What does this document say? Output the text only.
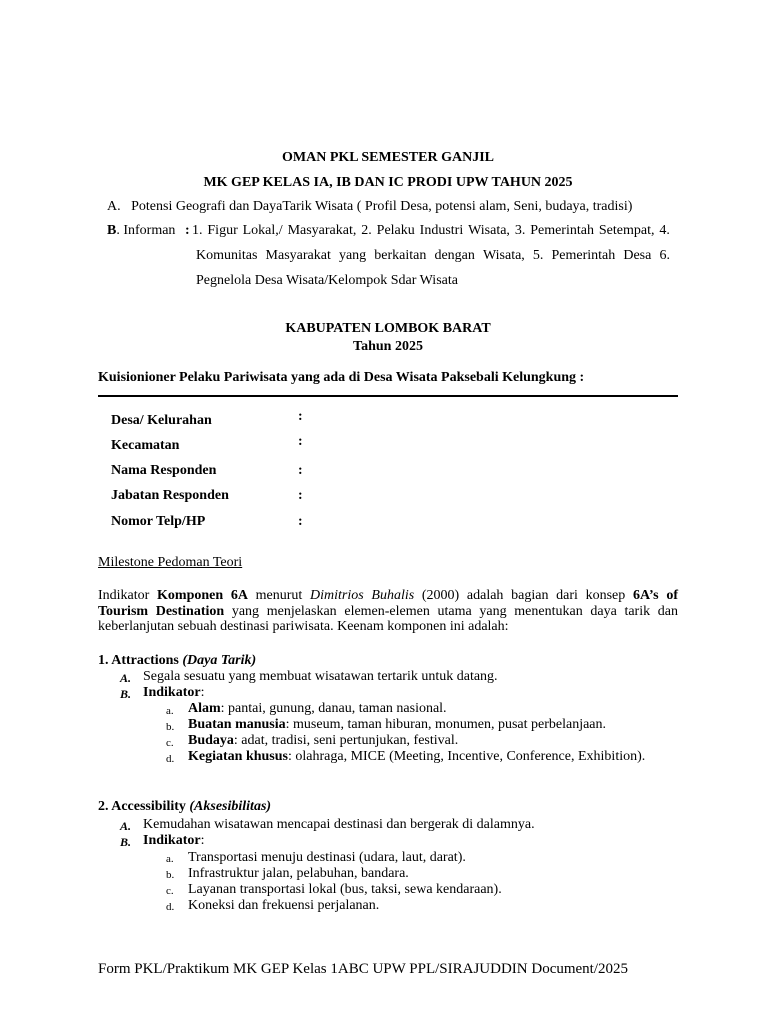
OMAN PKL SEMESTER GANJIL
MK GEP KELAS IA, IB DAN IC PRODI UPW TAHUN 2025
A. Potensi Geografi dan DayaTarik Wisata ( Profil Desa, potensi alam, Seni, budaya, tradisi)
B. Informan : 1. Figur Lokal,/ Masyarakat, 2. Pelaku Industri Wisata, 3. Pemerintah Setempat, 4.
Komunitas Masyarakat yang berkaitan dengan Wisata, 5. Pemerintah Desa 6.
Pegnelola Desa Wisata/Kelompok Sdar Wisata
KABUPATEN LOMBOK BARAT
Tahun 2025
Kuisionioner Pelaku Pariwisata yang ada di Desa Wisata Paksebali Kelungkung :
Desa/ Kelurahan	:
Kecamatan	:
Nama Responden	:
Jabatan Responden	:
Nomor Telp/HP	:
Milestone Pedoman Teori
Indikator Komponen 6A menurut Dimitrios Buhalis (2000) adalah bagian dari konsep 6A’s of Tourism Destination yang menjelaskan elemen-elemen utama yang menentukan daya tarik dan keberlanjutan sebuah destinasi pariwisata. Keenam komponen ini adalah:
1. Attractions (Daya Tarik)
A. Segala sesuatu yang membuat wisatawan tertarik untuk datang.
B. Indikator:
a. Alam: pantai, gunung, danau, taman nasional.
b. Buatan manusia: museum, taman hiburan, monumen, pusat perbelanjaan.
c. Budaya: adat, tradisi, seni pertunjukan, festival.
d. Kegiatan khusus: olahraga, MICE (Meeting, Incentive, Conference, Exhibition).
2. Accessibility (Aksesibilitas)
A. Kemudahan wisatawan mencapai destinasi dan bergerak di dalamnya.
B. Indikator:
a. Transportasi menuju destinasi (udara, laut, darat).
b. Infrastruktur jalan, pelabuhan, bandara.
c. Layanan transportasi lokal (bus, taksi, sewa kendaraan).
d. Koneksi dan frekuensi perjalanan.
Form PKL/Praktikum MK GEP Kelas 1ABC UPW PPL/SIRAJUDDIN Document/2025
